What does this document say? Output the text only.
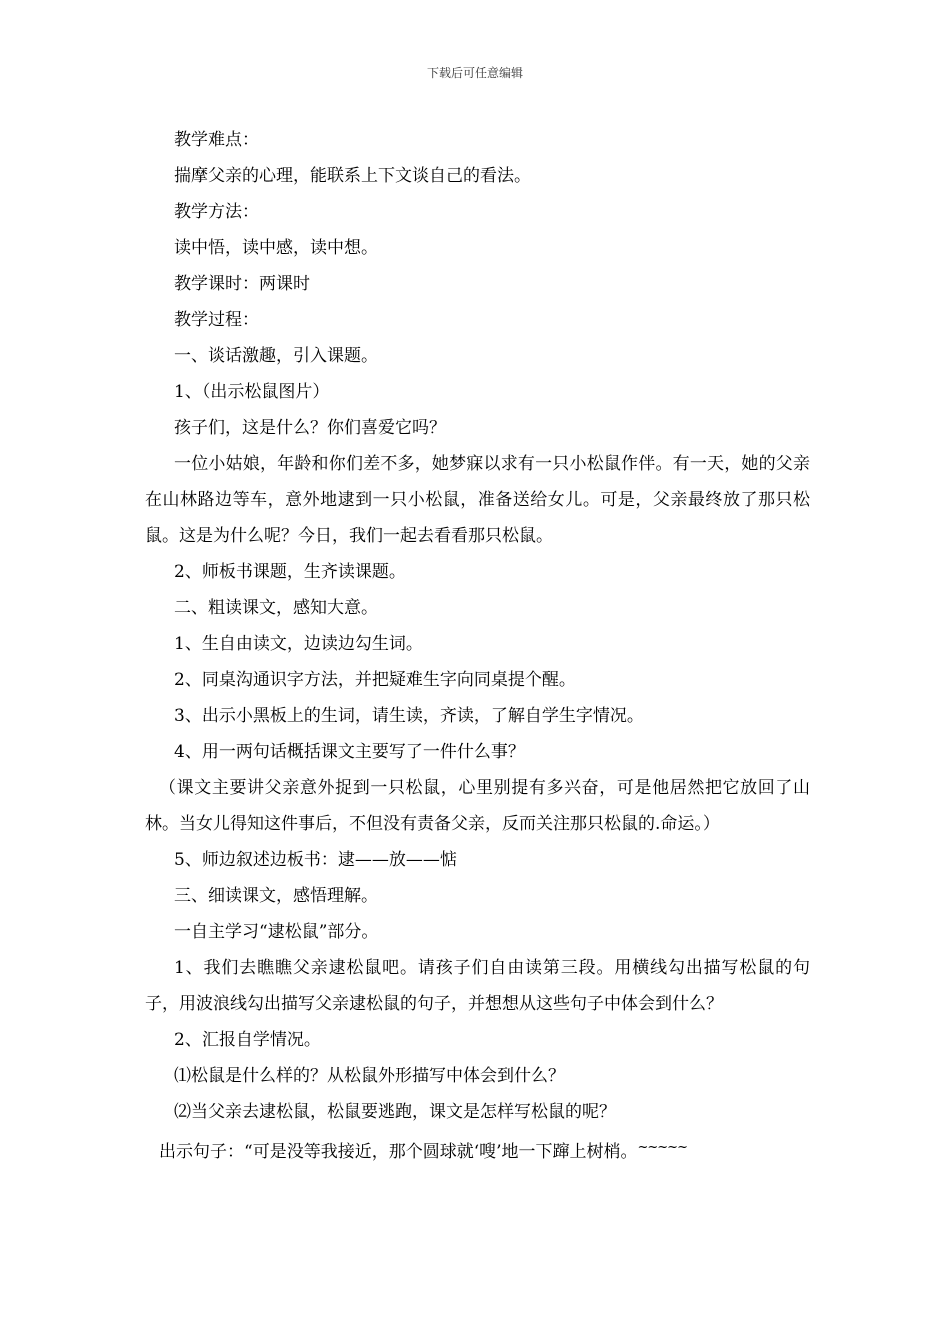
下载后可任意编辑

教学难点：

揣摩父亲的心理，能联系上下文谈自己的看法。

教学方法：

读中悟，读中感，读中想。

教学课时：两课时

教学过程：

一、谈话激趣，引入课题。

1、（出示松鼠图片）

孩子们，这是什么？你们喜爱它吗？

一位小姑娘，年龄和你们差不多，她梦寐以求有一只小松鼠作伴。有一天，她的父亲在山林路边等车，意外地逮到一只小松鼠，准备送给女儿。可是，父亲最终放了那只松鼠。这是为什么呢？今日，我们一起去看看那只松鼠。

2、师板书课题，生齐读课题。

二、粗读课文，感知大意。

1、生自由读文，边读边勾生词。

2、同桌沟通识字方法，并把疑难生字向同桌提个醒。

3、出示小黑板上的生词，请生读，齐读，了解自学生字情况。

4、用一两句话概括课文主要写了一件什么事？

（课文主要讲父亲意外捉到一只松鼠，心里别提有多兴奋，可是他居然把它放回了山林。当女儿得知这件事后，不但没有责备父亲，反而关注那只松鼠的.命运。）

5、师边叙述边板书：逮——放——惦

三、细读课文，感悟理解。

一自主学习“逮松鼠”部分。

1、我们去瞧瞧父亲逮松鼠吧。请孩子们自由读第三段。用横线勾出描写松鼠的句子，用波浪线勾出描写父亲逮松鼠的句子，并想想从这些句子中体会到什么？

2、汇报自学情况。

⑴松鼠是什么样的？从松鼠外形描写中体会到什么？

⑵当父亲去逮松鼠，松鼠要逃跑，课文是怎样写松鼠的呢？

出示句子：“可是没等我接近，那个圆球就‘嗖’地一下蹿上树梢。~~~~~
